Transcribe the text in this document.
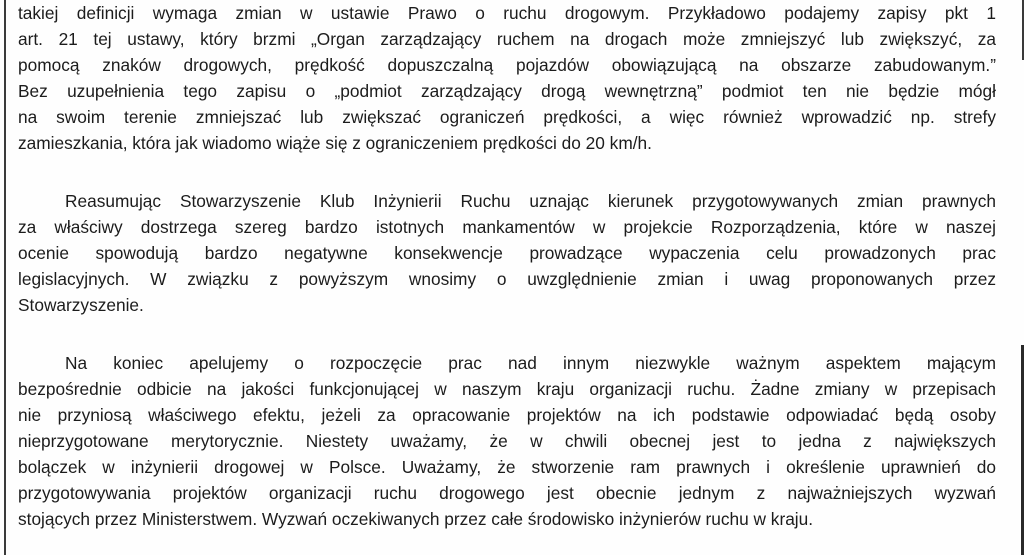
takiej definicji wymaga zmian w ustawie Prawo o ruchu drogowym. Przykładowo podajemy zapisy pkt 1
art. 21 tej ustawy, który brzmi „Organ zarządzający ruchem na drogach może zmniejszyć lub zwiększyć, za
pomocą znaków drogowych, prędkość dopuszczalną pojazdów obowiązującą na obszarze zabudowanym.”
Bez uzupełnienia tego zapisu o „podmiot zarządzający drogą wewnętrzną” podmiot ten nie będzie mógł
na swoim terenie zmniejszać lub zwiększać ograniczeń prędkości, a więc również wprowadzić np. strefy
zamieszkania, która jak wiadomo wiąże się z ograniczeniem prędkości do 20 km/h.
Reasumując Stowarzyszenie Klub Inżynierii Ruchu uznając kierunek przygotowywanych zmian prawnych
za właściwy dostrzega szereg bardzo istotnych mankamentów w projekcie Rozporządzenia, które w naszej
ocenie spowodują bardzo negatywne konsekwencje prowadzące wypaczenia celu prowadzonych prac
legislacyjnych. W związku z powyższym wnosimy o uwzględnienie zmian i uwag proponowanych przez
Stowarzyszenie.
Na koniec apelujemy o rozpoczęcie prac nad innym niezwykle ważnym aspektem mającym
bezpośrednie odbicie na jakości funkcjonującej w naszym kraju organizacji ruchu. Żadne zmiany w przepisach
nie przyniosą właściwego efektu, jeżeli za opracowanie projektów na ich podstawie odpowiadać będą osoby
nieprzygotowane merytorycznie. Niestety uważamy, że w chwili obecnej jest to jedna z największych
bolączek w inżynierii drogowej w Polsce. Uważamy, że stworzenie ram prawnych i określenie uprawnień do
przygotowywania projektów organizacji ruchu drogowego jest obecnie jednym z najważniejszych wyzwań
stojących przez Ministerstwem. Wyzwań oczekiwanych przez całe środowisko inżynierów ruchu w kraju.
